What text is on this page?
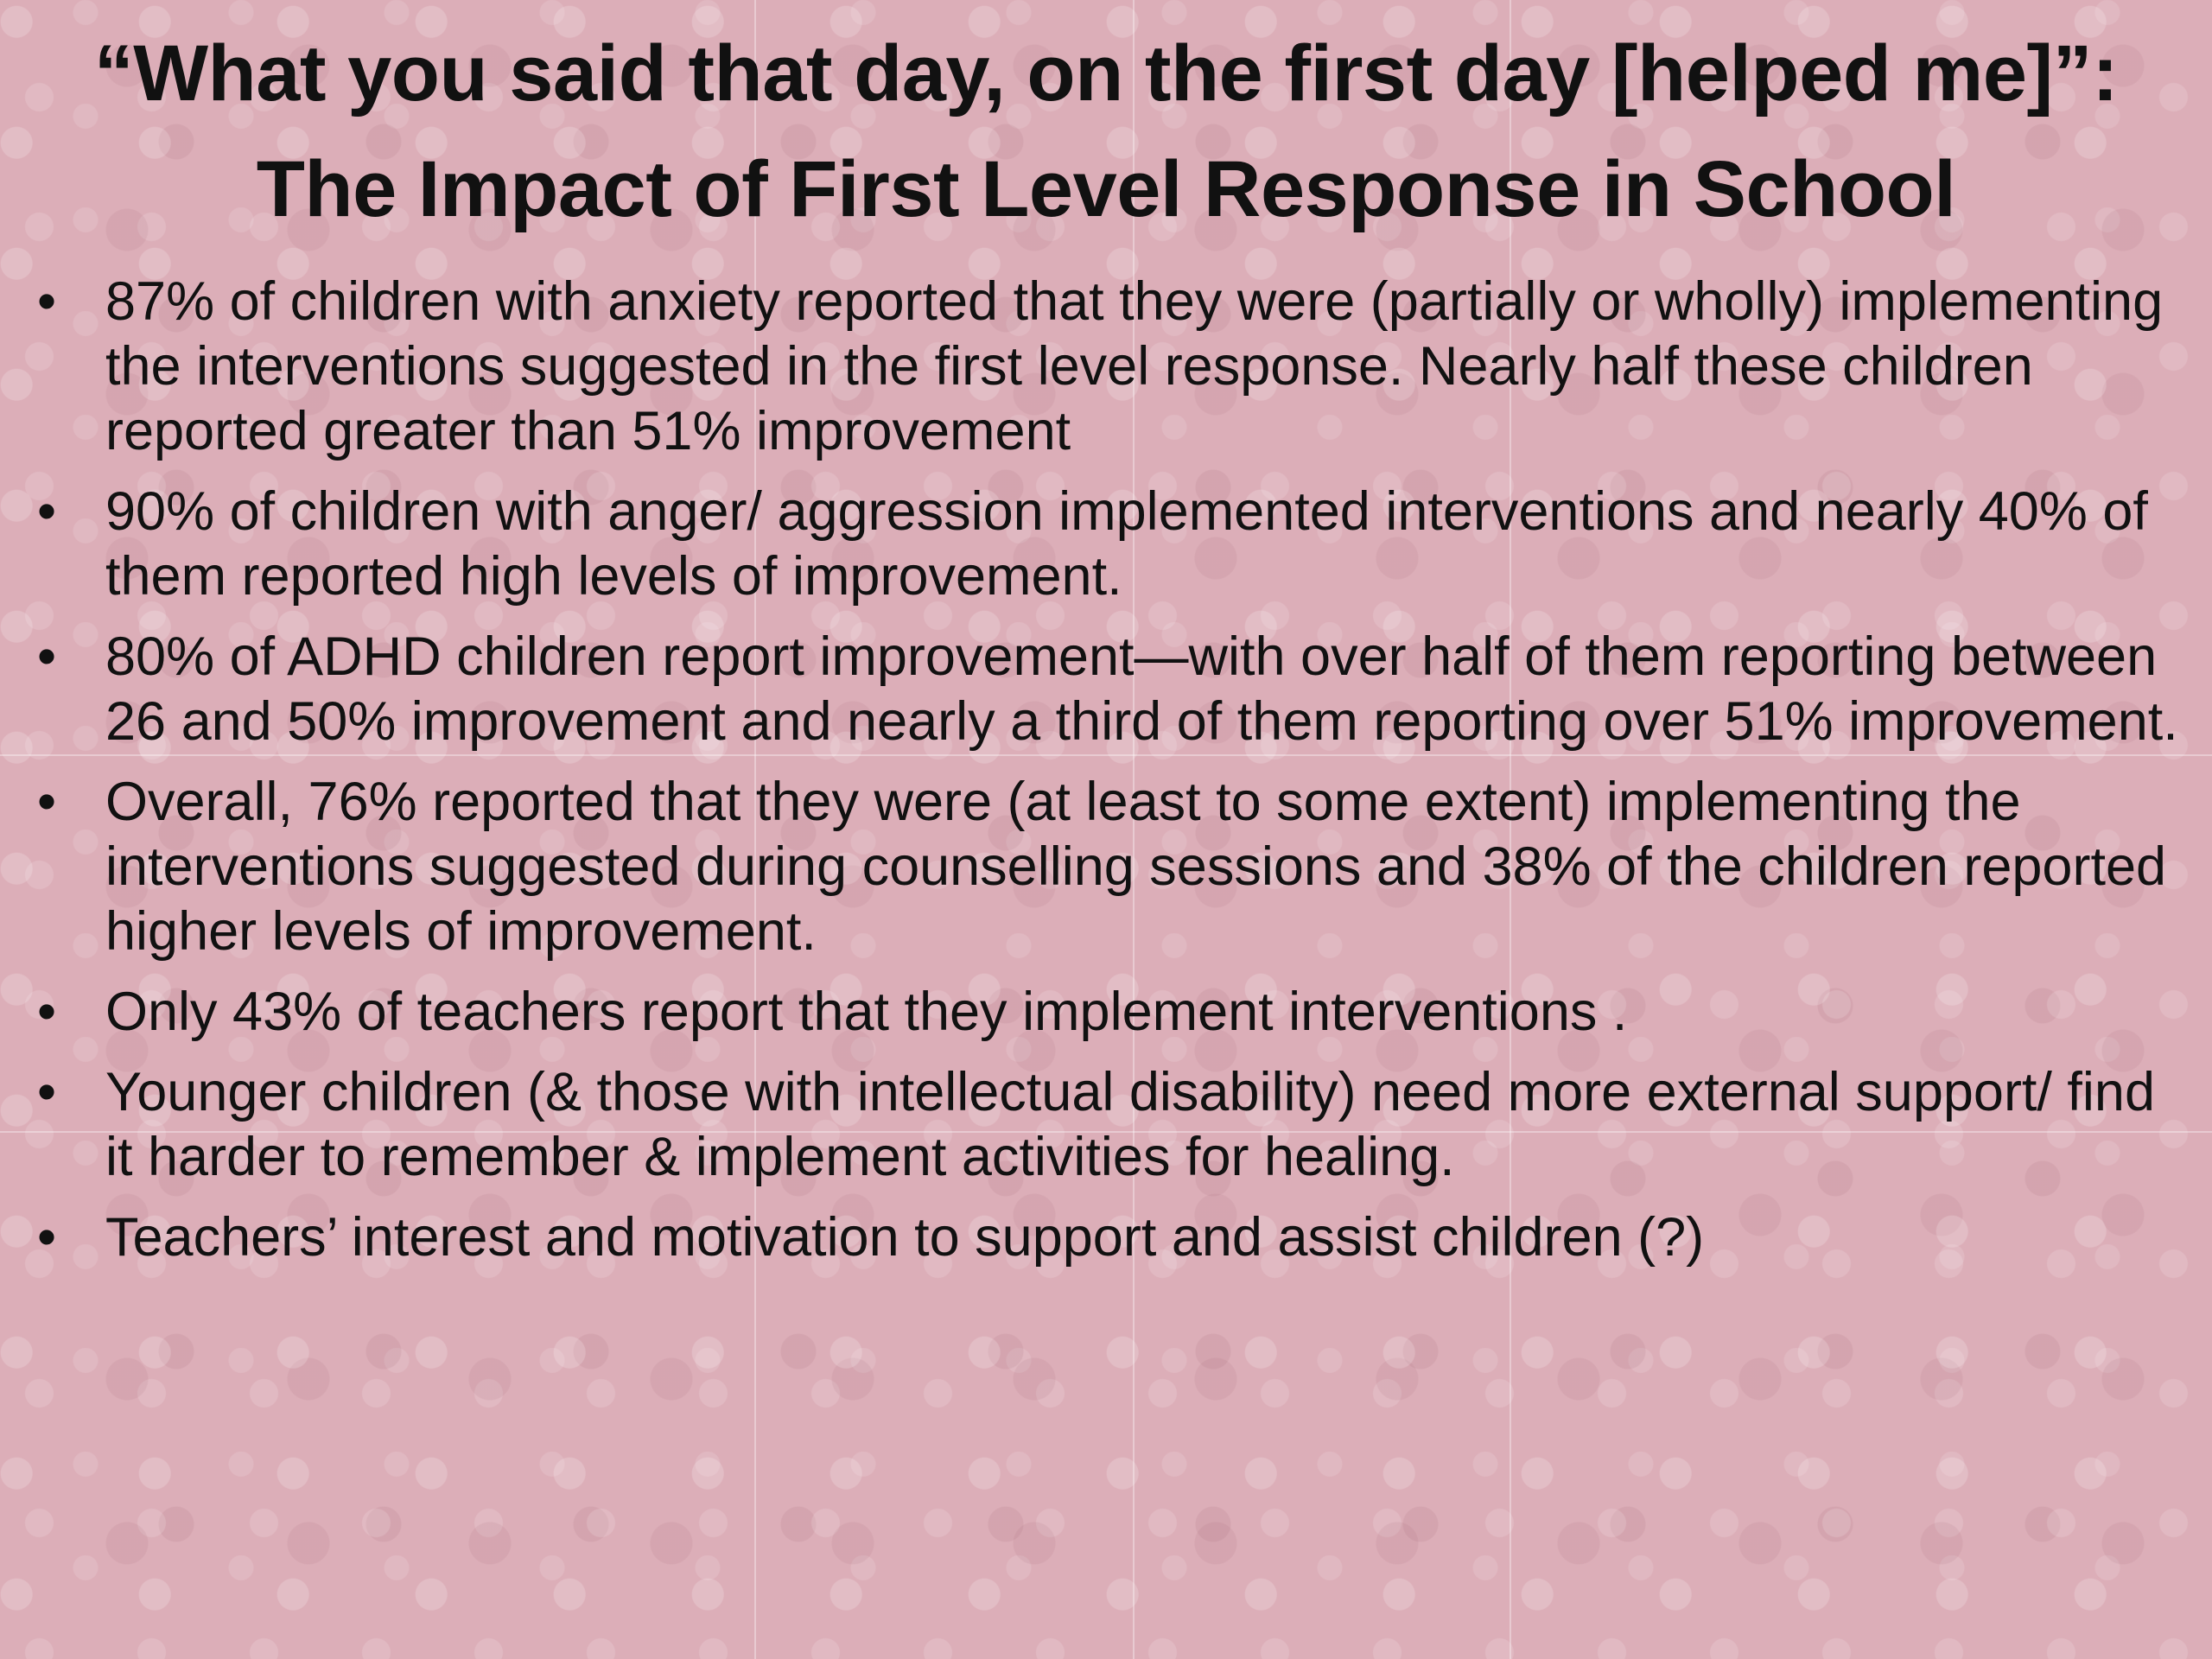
“What you said that day, on the first day [helped me]”: The Impact of First Level Response in School
• 87% of children with anxiety reported that they were (partially or wholly) implementing the interventions suggested in the first level response. Nearly half these children reported greater than 51% improvement
• 90% of children with anger/ aggression implemented interventions and nearly 40% of them reported high levels of improvement.
• 80% of ADHD children report improvement—with over half of them reporting between 26 and 50% improvement and nearly a third of them reporting over 51% improvement.
• Overall, 76% reported that they were (at least to some extent) implementing the interventions suggested during counselling sessions and 38% of the children reported higher levels of improvement.
• Only 43% of teachers report that they implement interventions .
• Younger children (& those with intellectual disability) need more external support/ find it harder to remember & implement activities for healing.
• Teachers’ interest and motivation to support and assist children (?)
